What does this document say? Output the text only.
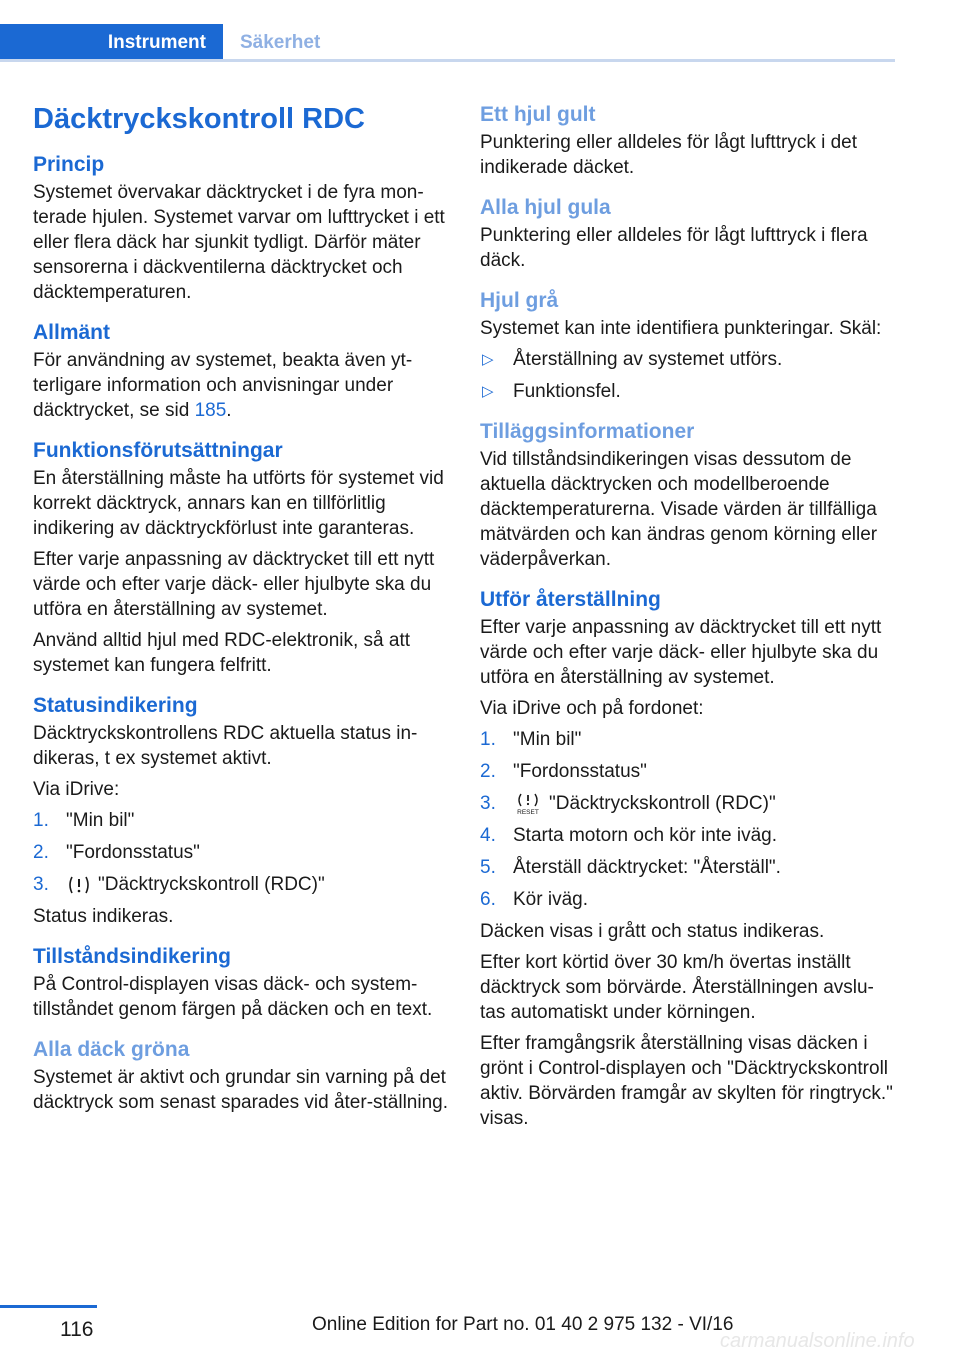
Instrument	Säkerhet
Däcktryckskontroll RDC
Princip

Systemet övervakar däcktrycket i de fyra mon-terade hjulen. Systemet varvar om lufttrycket i ett eller flera däck har sjunkit tydligt. Därför mäter sensorerna i däckventilerna däcktrycket och däcktemperaturen.

Allmänt

För användning av systemet, beakta även yt-terligare information och anvisningar under däcktrycket, se sid 185.

Funktionsförutsättningar

En återställning måste ha utförts för systemet vid korrekt däcktryck, annars kan en tillförlitlig indikering av däcktryckförlust inte garanteras.

Efter varje anpassning av däcktrycket till ett nytt värde och efter varje däck- eller hjulbyte ska du utföra en återställning av systemet.

Använd alltid hjul med RDC-elektronik, så att systemet kan fungera felfritt.

Statusindikering

Däcktryckskontrollens RDC aktuella status in-dikeras, t ex systemet aktivt.

Via iDrive:

1. "Min bil"
2. "Fordonsstatus"
3.	"Däcktryckskontroll (RDC)"

Status indikeras.

Tillståndsindikering

På Control-displayen visas däck- och system-tillståndet genom färgen på däcken och en text.

Alla däck gröna

Systemet är aktivt och grundar sin varning på det däcktryck som senast sparades vid åter-ställning.

Ett hjul gult

Punktering eller alldeles för lågt lufttryck i det indikerade däcket.

Alla hjul gula

Punktering eller alldeles för lågt lufttryck i flera däck.

Hjul grå

Systemet kan inte identifiera punkteringar. Skäl:

▷	Återställning av systemet utförs.
▷	Funktionsfel.
Tilläggsinformationer

Vid tillståndsindikeringen visas dessutom de aktuella däcktrycken och modellberoende däcktemperaturerna. Visade värden är tillfälliga mätvärden och kan ändras genom körning eller väderpåverkan.

Utför återställning

Efter varje anpassning av däcktrycket till ett nytt värde och efter varje däck- eller hjulbyte ska du utföra en återställning av systemet.

Via iDrive och på fordonet:

1. "Min bil"
2. "Fordonsstatus"
3.	RESET "Däcktryckskontroll (RDC)"
4. Starta motorn och kör inte iväg.
5. Återställ däcktrycket: "Återställ".
6. Kör iväg.

Däcken visas i grått och status indikeras.

Efter kort körtid över 30 km/h övertas inställt däcktryck som börvärde. Återställningen avslu-tas automatiskt under körningen.

Efter framgångsrik återställning visas däcken i grönt i Control-displayen och "Däcktryckskontroll aktiv. Börvärden framgår av skylten för ringtryck." visas.

116	Online Edition for Part no. 01 40 2 975 132 - VI/16
carmanualsonline.info
